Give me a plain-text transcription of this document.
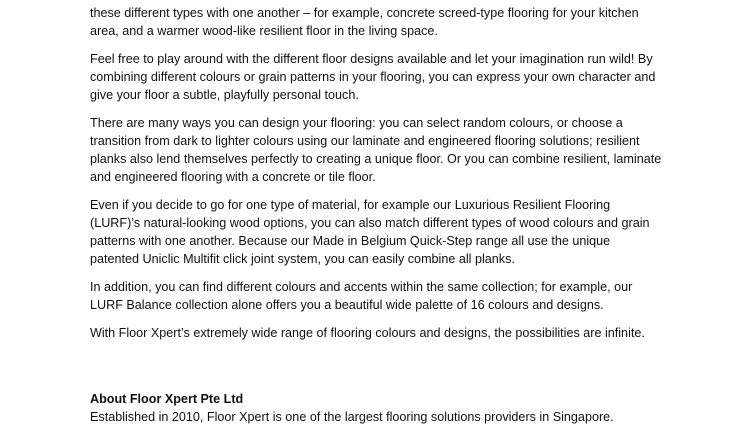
these different types with one another – for example, concrete screed-type flooring for your kitchen area, and a warmer wood-like resilient floor in the living space.

Feel free to play around with the different floor designs available and let your imagination run wild! By combining different colours or grain patterns in your flooring, you can express your own character and give your floor a subtle, playfully personal touch.

There are many ways you can design your flooring: you can select random colours, or choose a transition from dark to lighter colours using our laminate and engineered flooring solutions; resilient planks also lend themselves perfectly to creating a unique floor. Or you can combine resilient, laminate and engineered flooring with a concrete or tile floor.

Even if you decide to go for one type of material, for example our Luxurious Resilient Flooring (LURF)’s natural-looking wood options, you can also match different types of wood colours and grain patterns with one another. Because our Made in Belgium Quick-Step range all use the unique patented Uniclic Multifit click joint system, you can easily combine all planks.

In addition, you can find different colours and accents within the same collection; for example, our LURF Balance collection alone offers you a beautiful wide palette of 16 colours and designs.

With Floor Xpert’s extremely wide range of flooring colours and designs, the possibilities are infinite.

About Floor Xpert Pte Ltd

Established in 2010, Floor Xpert is one of the largest flooring solutions providers in Singapore.
